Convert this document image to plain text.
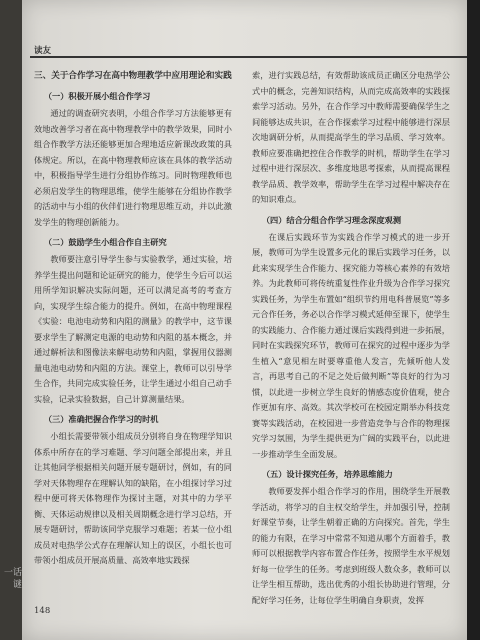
一话
谜
读友
三、关于合作学习在高中物理教学中应用理论和实践
（一）积极开展小组合作学习

通过的调查研究表明，小组合作学习方法能够更有效地改善学习者在高中物理教学中的教学效果，同时小组合作教学方法还能够更加合理地适应新课改政策的具体规定。所以，在高中物理教师应该在具体的教学活动中，积极指导学生进行分组协作练习。同时物理教师也必须启发学生的物理思维，使学生能够在分组协作教学的活动中与小组的伙伴们进行物理思维互动，并以此激发学生的物理创新能力。

（二）鼓励学生小组合作自主研究

教师要注意引导学生参与实验教学，通过实验，培养学生提出问题和论证研究的能力，使学生今后可以运用所学知识解决实际问题，还可以满足高考的考查方向，实现学生综合能力的提升。例如，在高中物理课程《实验：电池电动势和内阻的测量》的教学中，这节课要求学生了解测定电源的电动势和内阻的基本概念，并通过解析法和图像法来解电动势和内阻，掌握用仪器测量电池电动势和内阻的方法。课堂上，教师可以引导学生合作，共同完成实验任务，让学生通过小组自己动手实验，记录实验数据，自己计算测量结果。

（三）准确把握合作学习的时机

小组长需要带领小组成员分别将自身在物理学知识体系中所存在的学习难题、学习问题全部提出来，并且让其他同学根据相关问题开展专题研讨，例如，有的同学对天体物理存在理解认知的缺陷，在小组探讨学习过程中便可将天体物理作为探讨主题，对其中的力学平衡、天体运动规律以及相关周期概念进行学习总结，开展专题研讨，帮助该同学克服学习难题；若某一位小组成员对电热学公式存在理解认知上的误区，小组长也可带领小组成员开展高质量、高效率地实践探

索，进行实践总结，有效帮助该成员正确区分电热学公式中的概念，完善知识结构，从而完成高效率的实践探索学习活动。另外，在合作学习中教师需要确保学生之间能够达成共识，在合作探索学习过程中能够进行深层次地调研分析，从而提高学生的学习品质、学习效率。教师应要准确把控住合作教学的时机，帮助学生在学习过程中进行深层次、多维度地思考探索，从而提高课程教学品质、教学效率，帮助学生在学习过程中解决存在的知识难点。

（四）结合分组合作学习理念深度观测

在课后实践环节为实践合作学习模式的进一步开展，教师可为学生设置多元化的课后实践学习任务，以此来实现学生合作能力、探究能力等核心素养的有效培养。为此教师可将传统重复性作业升级为合作学习探究实践任务，为学生布置如“组织节约用电科普展览”等多元合作任务，务必以合作学习模式延伸至课下，使学生的实践能力、合作能力通过课后实践得到进一步拓展，同时在实践探究环节，教师可在探究的过程中逐步为学生植入“意见相左时要尊重他人发言，先倾听他人发言，再思考自己的不足之处后做判断”等良好的行为习惯，以此进一步树立学生良好的情感态度价值观，使合作更加有序、高效。其次学校可在校园定期举办科技竞赛等实践活动，在校园进一步营造竞争与合作的物理探究学习氛围，为学生提供更为广阔的实践平台，以此进一步推动学生全面发展。

（五）设计探究任务，培养思维能力

教师要发挥小组合作学习的作用，围绕学生开展教学活动，将学习的自主权交给学生，并加强引导，控制好课堂节奏，让学生朝着正确的方向探究。首先，学生的能力有限，在学习中常常不知道从哪个方面着手，教师可以根据教学内容布置合作任务，按照学生水平规划好每一位学生的任务。考虑到班级人数众多，教师可以让学生相互帮助，选出优秀的小组长协助进行管理，分配好学习任务，让每位学生明确自身职责，发挥

148
